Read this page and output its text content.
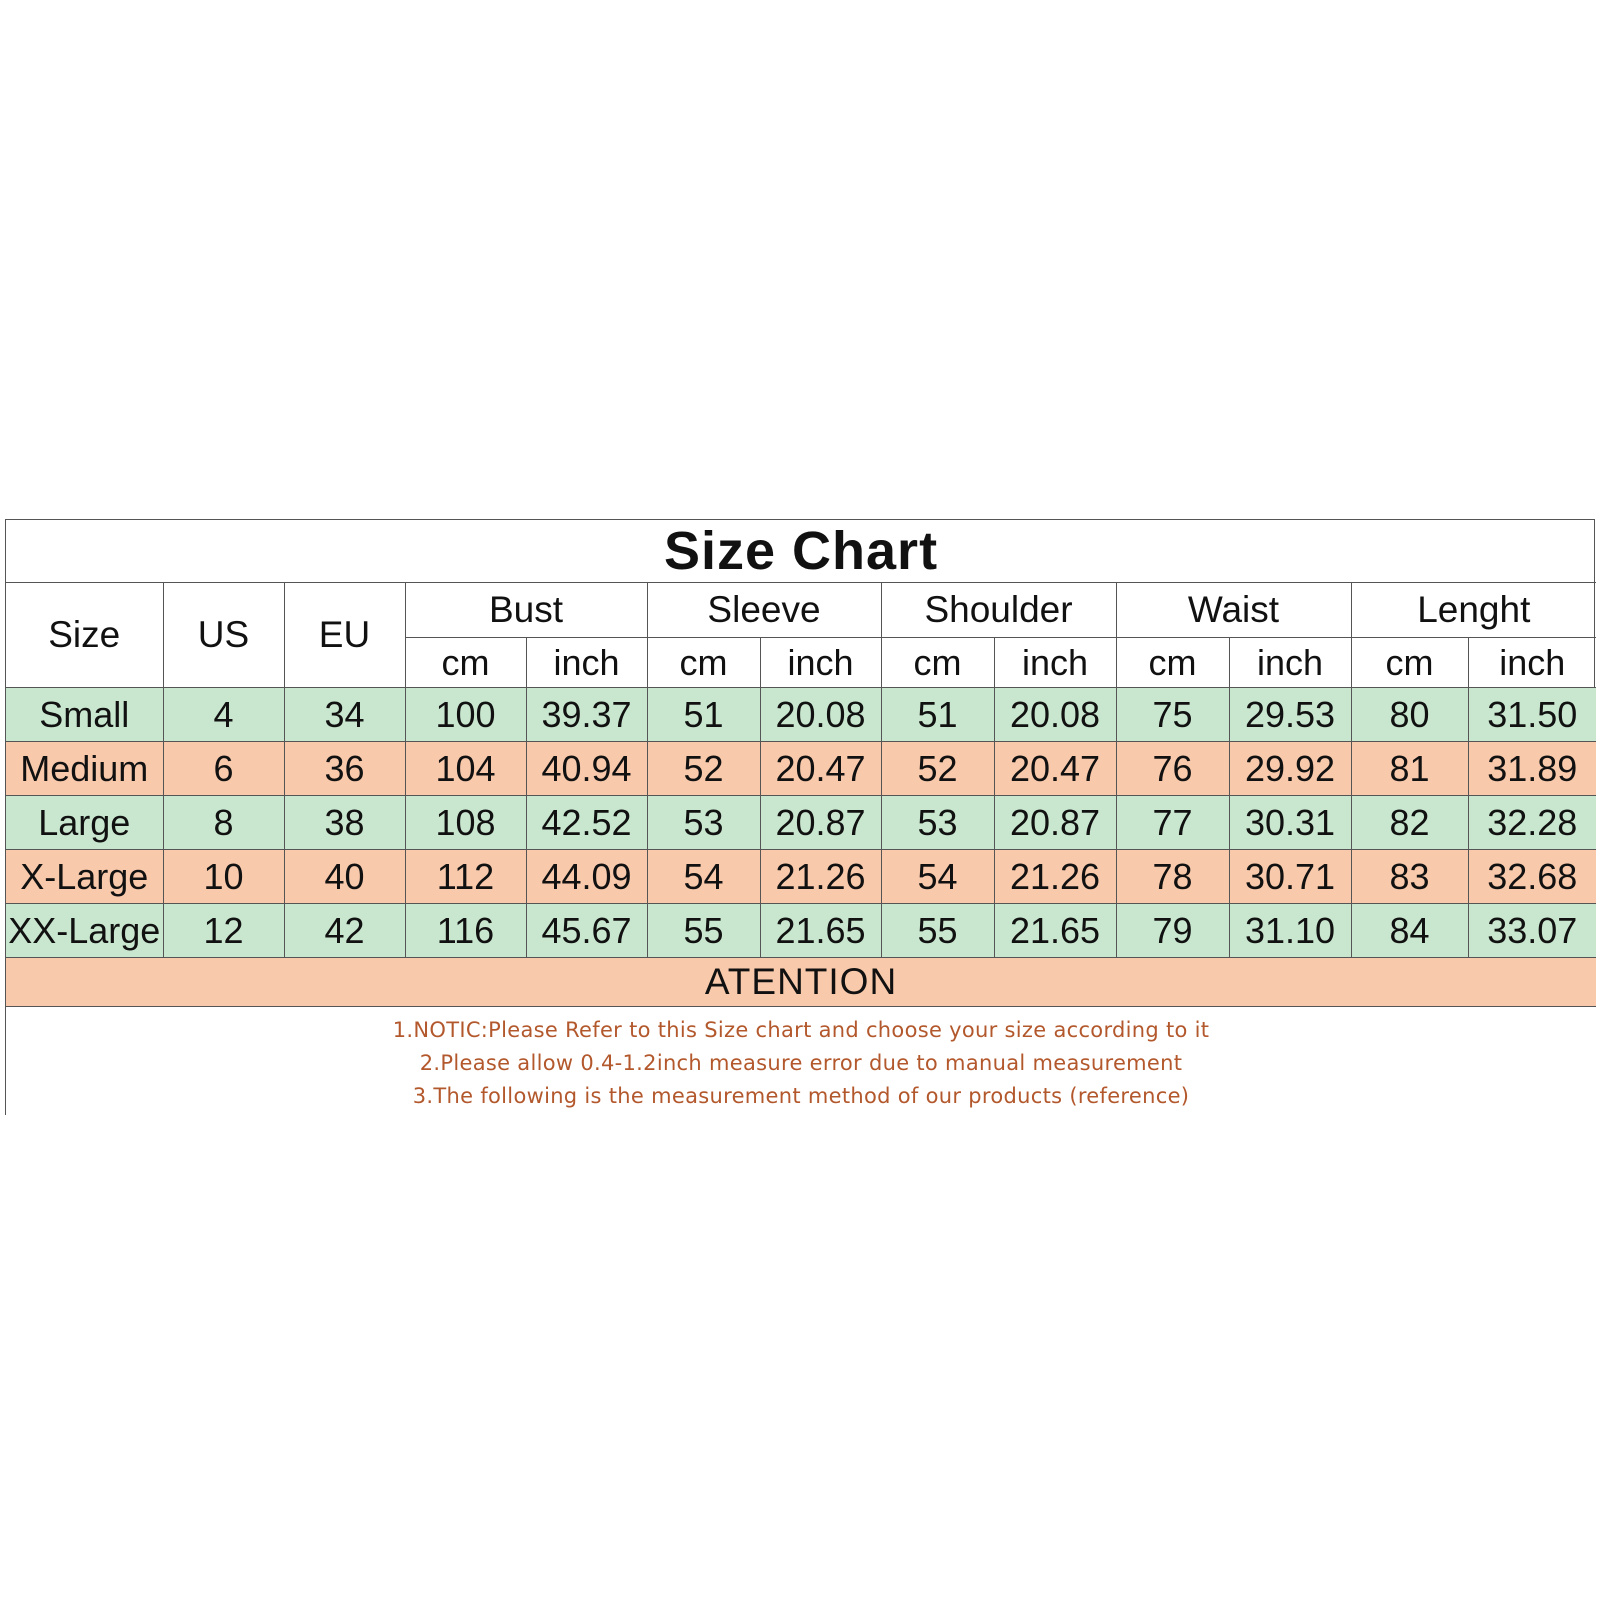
Size Chart												
Size	US	EU	Bust		Sleeve		Shoulder		Waist		Lenght	
			cm	inch	cm	inch	cm	inch	cm	inch	cm	inch
Small	4	34	100	39.37	51	20.08	51	20.08	75	29.53	80	31.50
Medium	6	36	104	40.94	52	20.47	52	20.47	76	29.92	81	31.89
Large	8	38	108	42.52	53	20.87	53	20.87	77	30.31	82	32.28
X-Large	10	40	112	44.09	54	21.26	54	21.26	78	30.71	83	32.68
XX-Large	12	42	116	45.67	55	21.65	55	21.65	79	31.10	84	33.07
ATENTION												

1.NOTIC:Please Refer to this Size chart and choose your size according to it
2.Please allow 0.4-1.2inch measure error due to manual measurement
3.The following is the measurement method of our products (reference)												
